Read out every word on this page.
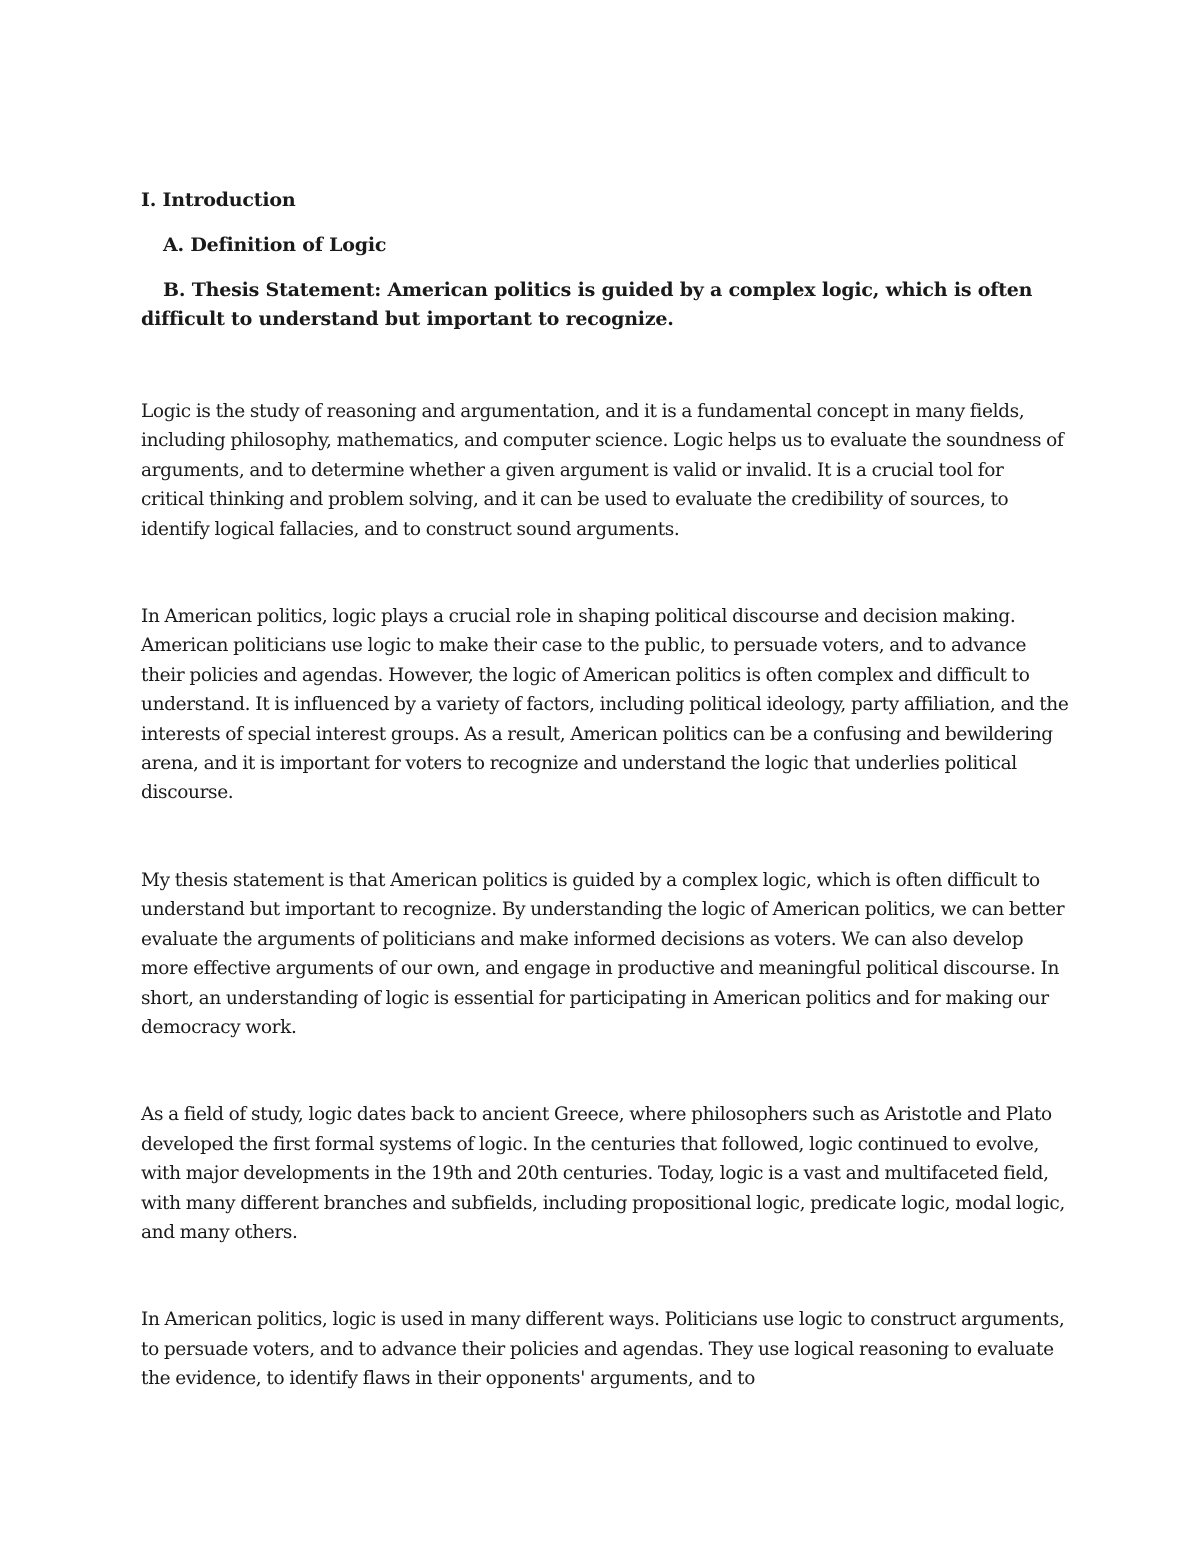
I. Introduction

A. Definition of Logic

B. Thesis Statement: American politics is guided by a complex logic, which is often difficult to understand but important to recognize.

Logic is the study of reasoning and argumentation, and it is a fundamental concept in many fields, including philosophy, mathematics, and computer science. Logic helps us to evaluate the soundness of arguments, and to determine whether a given argument is valid or invalid. It is a crucial tool for critical thinking and problem solving, and it can be used to evaluate the credibility of sources, to identify logical fallacies, and to construct sound arguments.

In American politics, logic plays a crucial role in shaping political discourse and decision making. American politicians use logic to make their case to the public, to persuade voters, and to advance their policies and agendas. However, the logic of American politics is often complex and difficult to understand. It is influenced by a variety of factors, including political ideology, party affiliation, and the interests of special interest groups. As a result, American politics can be a confusing and bewildering arena, and it is important for voters to recognize and understand the logic that underlies political discourse.

My thesis statement is that American politics is guided by a complex logic, which is often difficult to understand but important to recognize. By understanding the logic of American politics, we can better evaluate the arguments of politicians and make informed decisions as voters. We can also develop more effective arguments of our own, and engage in productive and meaningful political discourse. In short, an understanding of logic is essential for participating in American politics and for making our democracy work.

As a field of study, logic dates back to ancient Greece, where philosophers such as Aristotle and Plato developed the first formal systems of logic. In the centuries that followed, logic continued to evolve, with major developments in the 19th and 20th centuries. Today, logic is a vast and multifaceted field, with many different branches and subfields, including propositional logic, predicate logic, modal logic, and many others.

In American politics, logic is used in many different ways. Politicians use logic to construct arguments, to persuade voters, and to advance their policies and agendas. They use logical reasoning to evaluate the evidence, to identify flaws in their opponents' arguments, and to
